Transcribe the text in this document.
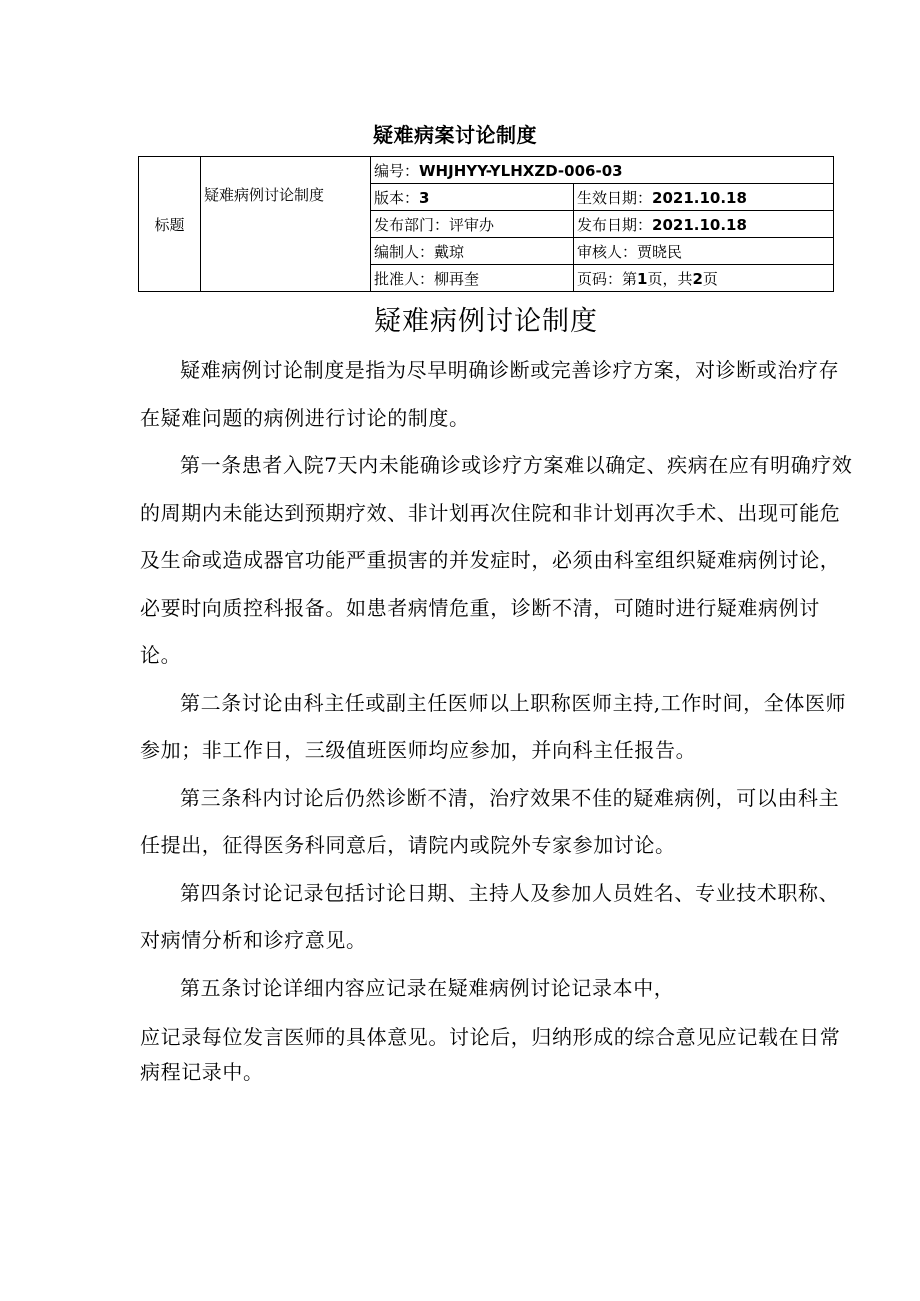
疑难病案讨论制度
标题	疑难病例讨论制度	编号：WHJHYY-YLHXZD-006-03	
		版本：3	生效日期：2021.10.18
		发布部门：评审办	发布日期：2021.10.18
		编制人：戴琼	审核人：贾晓民
		批准人：柳再奎	页码：第1页，共2页
疑难病例讨论制度

疑难病例讨论制度是指为尽早明确诊断或完善诊疗方案，对诊断或治疗存在疑难问题的病例进行讨论的制度。

第一条患者入院7天内未能确诊或诊疗方案难以确定、疾病在应有明确疗效的周期内未能达到预期疗效、非计划再次住院和非计划再次手术、出现可能危及生命或造成器官功能严重损害的并发症时，必须由科室组织疑难病例讨论，必要时向质控科报备。如患者病情危重，诊断不清，可随时进行疑难病例讨论。

第二条讨论由科主任或副主任医师以上职称医师主持,工作时间，全体医师参加；非工作日，三级值班医师均应参加，并向科主任报告。

第三条科内讨论后仍然诊断不清，治疗效果不佳的疑难病例，可以由科主任提出，征得医务科同意后，请院内或院外专家参加讨论。

第四条讨论记录包括讨论日期、主持人及参加人员姓名、专业技术职称、对病情分析和诊疗意见。

第五条讨论详细内容应记录在疑难病例讨论记录本中，

应记录每位发言医师的具体意见。讨论后，归纳形成的综合意见应记载在日常病程记录中。
